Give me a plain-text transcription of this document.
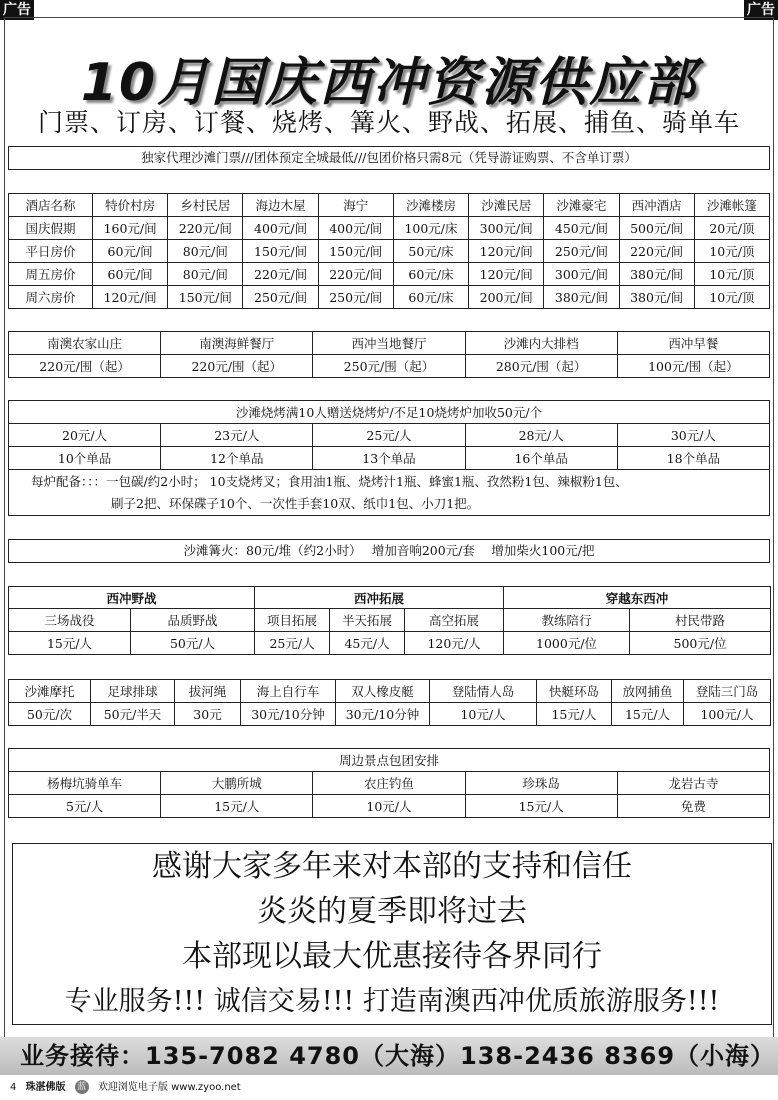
广告	广告
10月国庆西冲资源供应部
门票、订房、订餐、烧烤、篝火、野战、拓展、捕鱼、骑单车
独家代理沙滩门票///团体预定全城最低///包团价格只需8元（凭导游证购票、不含单订票）
酒店名称	特价村房	乡村民居	海边木屋	海宁	沙滩楼房	沙滩民居	沙滩豪宅	西冲酒店	沙滩帐篷
国庆假期	160元/间	220元/间	400元/间	400元/间	100元/床	300元/间	450元/间	500元/间	20元/顶
平日房价	60元/间	80元/间	150元/间	150元/间	50元/床	120元/间	250元/间	220元/间	10元/顶
周五房价	60元/间	80元/间	220元/间	220元/间	60元/床	120元/间	300元/间	380元/间	10元/顶
周六房价	120元/间	150元/间	250元/间	250元/间	60元/床	200元/间	380元/间	380元/间	10元/顶
南澳农家山庄	南澳海鲜餐厅	西冲当地餐厅	沙滩内大排档	西冲早餐
220元/围（起）	220元/围（起）	250元/围（起）	280元/围（起）	100元/围（起）
沙滩烧烤满10人赠送烧烤炉/不足10烧烤炉加收50元/个				
20元/人	23元/人	25元/人	28元/人	30元/人
10个单品	12个单品	13个单品	16个单品	18个单品

每炉配备：：：一包碳/约2小时； 10支烧烤叉；食用油1瓶、烧烤汁1瓶、蜂蜜1瓶、孜然粉1包、辣椒粉1包、
刷子2把、环保碟子10个、一次性手套10双、纸巾1包、小刀1把。				
沙滩篝火：80元/堆（约2小时）　 增加音响200元/套　 增加柴火100元/把
西冲野战		西冲拓展			穿越东西冲	
三场战役	品质野战	项目拓展	半天拓展	高空拓展	教练陪行	村民带路
15元/人	50元/人	25元/人	45元/人	120元/人	1000元/位	500元/位
沙滩摩托	足球排球	拔河绳	海上自行车	双人橡皮艇	登陆情人岛	快艇环岛	放网捕鱼	登陆三门岛
50元/次	50元/半天	30元	30元/10分钟	30元/10分钟	10元/人	15元/人	15元/人	100元/人
周边景点包团安排				
杨梅坑骑单车	大鹏所城	农庄钓鱼	珍珠岛	龙岩古寺
5元/人	15元/人	10元/人	15元/人	免费
感谢大家多年来对本部的支持和信任
炎炎的夏季即将过去
本部现以最大优惠接待各界同行
专业服务!!! 诚信交易!!! 打造南澳西冲优质旅游服务!!!
业务接待：135-7082 4780（大海）138-2436 8369（小海）
4 珠湛佛版 蓝 欢迎浏览电子版 www.zyoo.net
